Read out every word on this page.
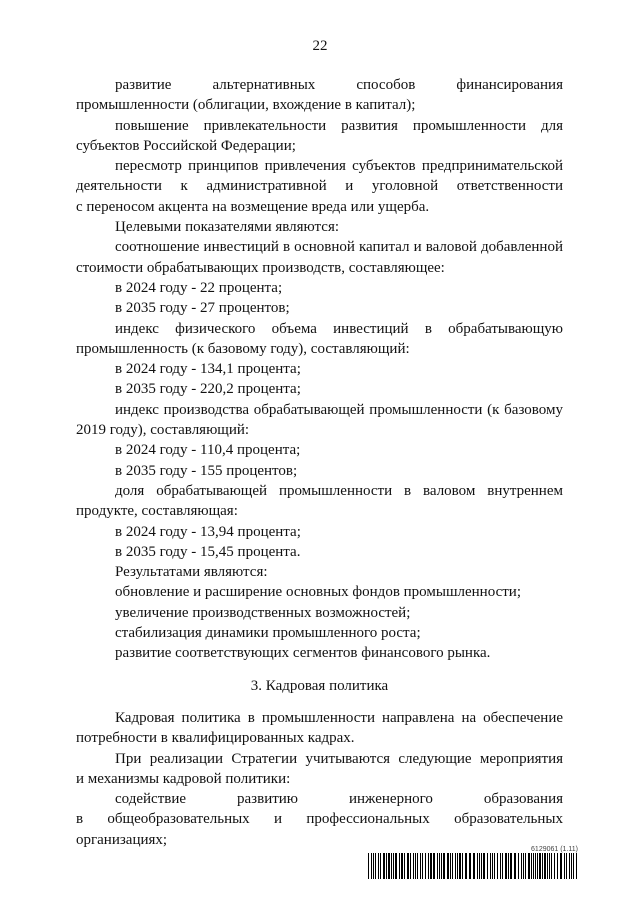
22
развитие альтернативных способов финансирования
промышленности (облигации, вхождение в капитал);
повышение привлекательности развития промышленности для
субъектов Российской Федерации;
пересмотр принципов привлечения субъектов предпринимательской
деятельности к административной и уголовной ответственности
с переносом акцента на возмещение вреда или ущерба.
Целевыми показателями являются:
соотношение инвестиций в основной капитал и валовой добавленной
стоимости обрабатывающих производств, составляющее:
в 2024 году - 22 процента;
в 2035 году - 27 процентов;
индекс физического объема инвестиций в обрабатывающую
промышленность (к базовому году), составляющий:
в 2024 году - 134,1 процента;
в 2035 году - 220,2 процента;
индекс производства обрабатывающей промышленности (к базовому
2019 году), составляющий:
в 2024 году - 110,4 процента;
в 2035 году - 155 процентов;
доля обрабатывающей промышленности в валовом внутреннем
продукте, составляющая:
в 2024 году - 13,94 процента;
в 2035 году - 15,45 процента.
Результатами являются:
обновление и расширение основных фондов промышленности;
увеличение производственных возможностей;
стабилизация динамики промышленного роста;
развитие соответствующих сегментов финансового рынка.
3. Кадровая политика
Кадровая политика в промышленности направлена на обеспечение
потребности в квалифицированных кадрах.
При реализации Стратегии учитываются следующие мероприятия
и механизмы кадровой политики:
содействие развитию инженерного образования
в общеобразовательных и профессиональных образовательных
организациях;
6129061 (1.11)
